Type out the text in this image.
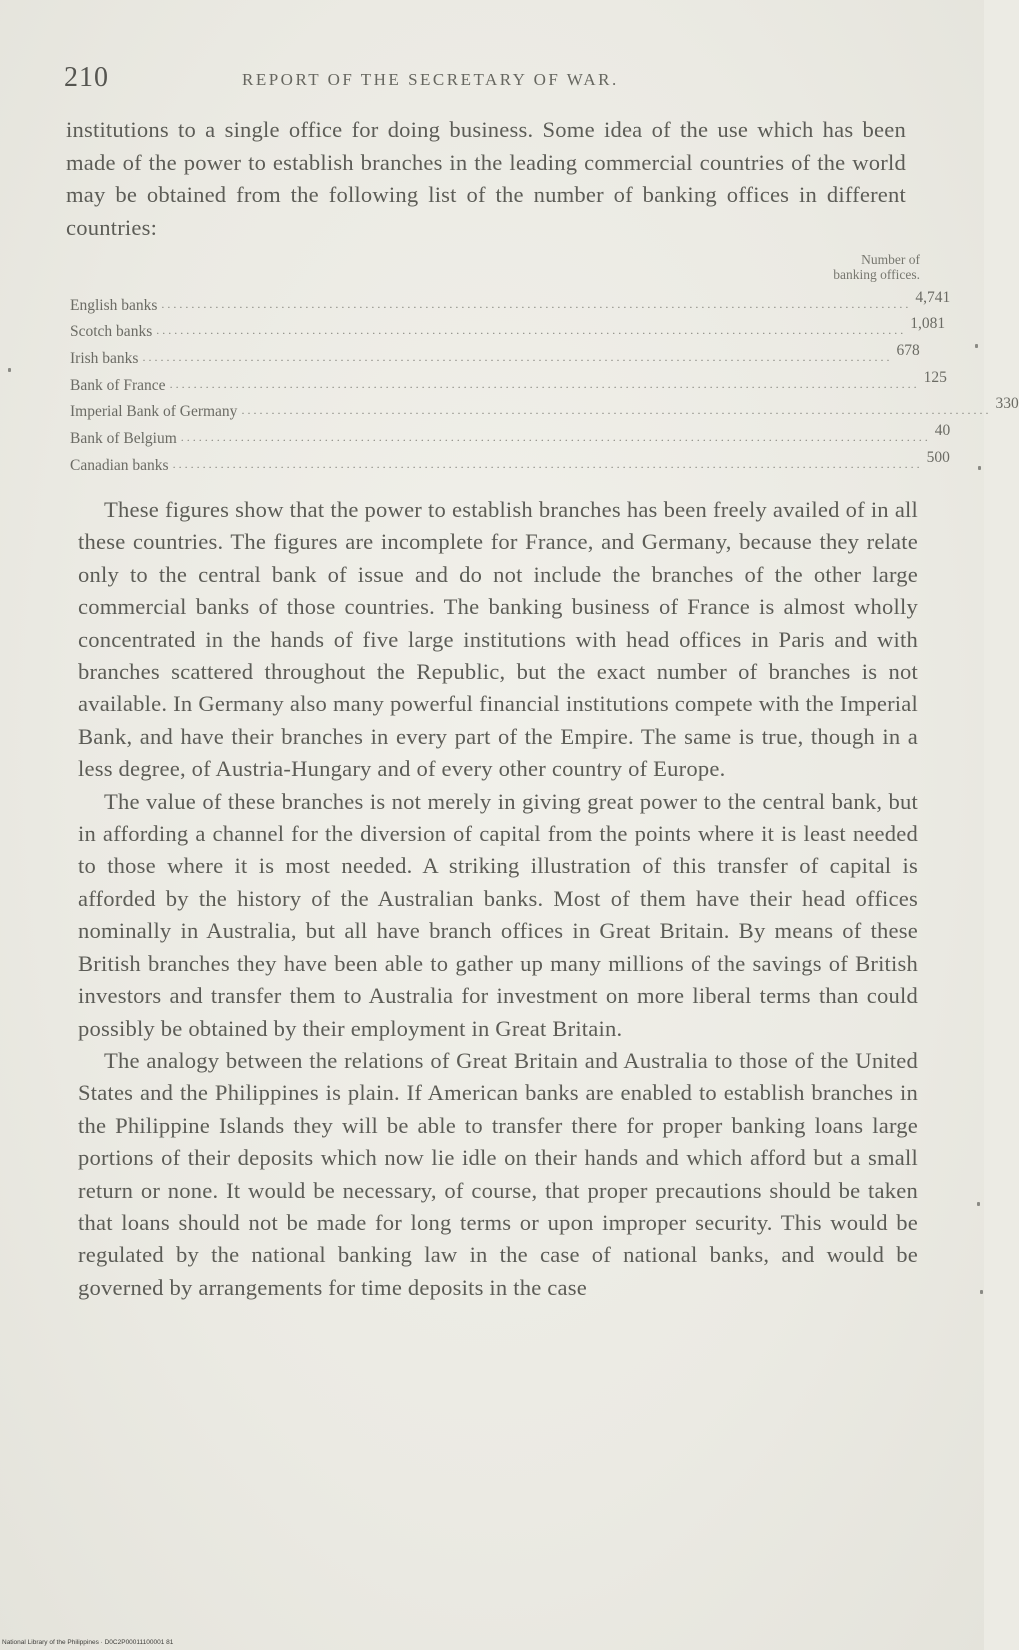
210	REPORT OF THE SECRETARY OF WAR.
institutions to a single office for doing business. Some idea of the use which has been made of the power to establish branches in the leading commercial countries of the world may be obtained from the following list of the number of banking offices in different countries:
Number of
banking offices.
English banks ............................................................................................................................. 4,741
Scotch banks ............................................................................................................................. 1,081
Irish banks ............................................................................................................................. 678
Bank of France ............................................................................................................................. 125
Imperial Bank of Germany ............................................................................................................................. 330
Bank of Belgium ............................................................................................................................. 40
Canadian banks ............................................................................................................................. 500

These figures show that the power to establish branches has been freely availed of in all these countries. The figures are incomplete for France, and Germany, because they relate only to the central bank of issue and do not include the branches of the other large commercial banks of those countries. The banking business of France is almost wholly concentrated in the hands of five large institutions with head offices in Paris and with branches scattered throughout the Republic, but the exact number of branches is not available. In Germany also many powerful financial institutions compete with the Imperial Bank, and have their branches in every part of the Empire. The same is true, though in a less degree, of Austria-Hungary and of every other country of Europe.

The value of these branches is not merely in giving great power to the central bank, but in affording a channel for the diversion of capital from the points where it is least needed to those where it is most needed. A striking illustration of this transfer of capital is afforded by the history of the Australian banks. Most of them have their head offices nominally in Australia, but all have branch offices in Great Britain. By means of these British branches they have been able to gather up many millions of the savings of British investors and transfer them to Australia for investment on more liberal terms than could possibly be obtained by their employment in Great Britain.

The analogy between the relations of Great Britain and Australia to those of the United States and the Philippines is plain. If American banks are enabled to establish branches in the Philippine Islands they will be able to transfer there for proper banking loans large portions of their deposits which now lie idle on their hands and which afford but a small return or none. It would be necessary, of course, that proper precautions should be taken that loans should not be made for long terms or upon improper security. This would be regulated by the national banking law in the case of national banks, and would be governed by arrangements for time deposits in the case

National Library of the Philippines · D0C2P00011100001 81
